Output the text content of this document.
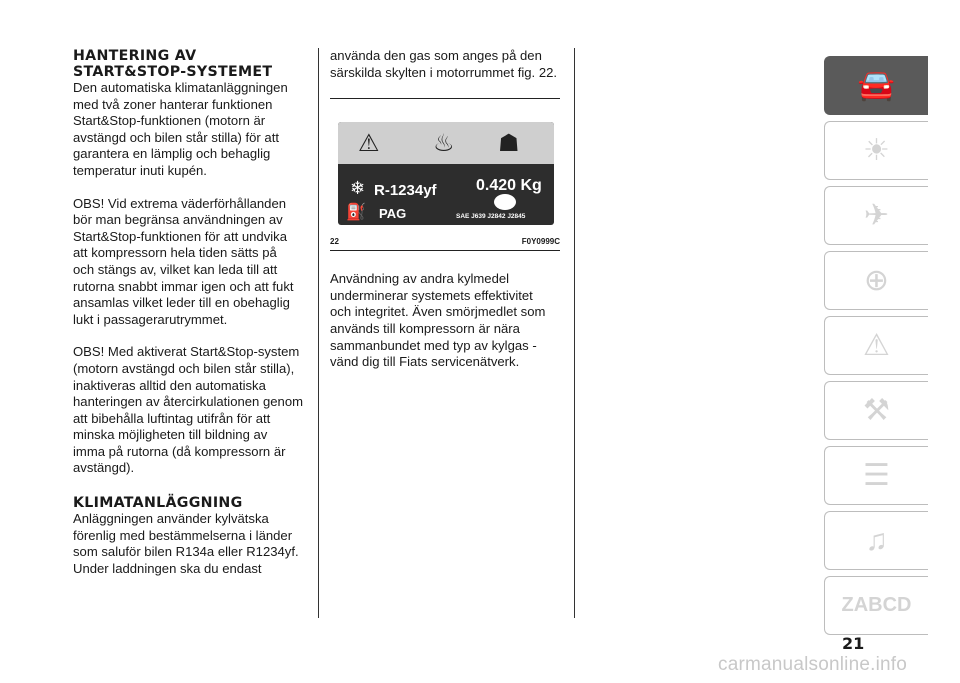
HANTERING AV
START&STOP-SYSTEMET

Den automatiska klimatanläggningen
med två zoner hanterar funktionen
Start&Stop-funktionen (motorn är
avstängd och bilen står stilla) för att
garantera en lämplig och behaglig
temperatur inuti kupén.

OBS! Vid extrema väderförhållanden
bör man begränsa användningen av
Start&Stop-funktionen för att undvika
att kompressorn hela tiden sätts på
och stängs av, vilket kan leda till att
rutorna snabbt immar igen och att fukt
ansamlas vilket leder till en obehaglig
lukt i passagerarutrymmet.

OBS! Med aktiverat Start&Stop-system
(motorn avstängd och bilen står stilla),
inaktiveras alltid den automatiska
hanteringen av återcirkulationen genom
att bibehålla luftintag utifrån för att
minska möjligheten till bildning av
imma på rutorna (då kompressorn är
avstängd).

KLIMATANLÄGGNING

Anläggningen använder kylvätska
förenlig med bestämmelserna i länder
som saluför bilen R134a eller R1234yf.
Under laddningen ska du endast

använda den gas som anges på den
särskilda skylten i motorrummet fig. 22.

⚠ ♨ ☗
❄ R-1234yf 0.420 Kg
⛽ PAG	SAE J639 J2842 J2845
22	F0Y0999C

Användning av andra kylmedel
underminerar systemets effektivitet
och integritet. Även smörjmedlet som
används till kompressorn är nära
sammanbundet med typ av kylgas -
vänd dig till Fiats servicenätverk.

🚘
☀
✈
⊕
⚠
⚒
☰
♫
ZABCD
21
carmanualsonline.info
